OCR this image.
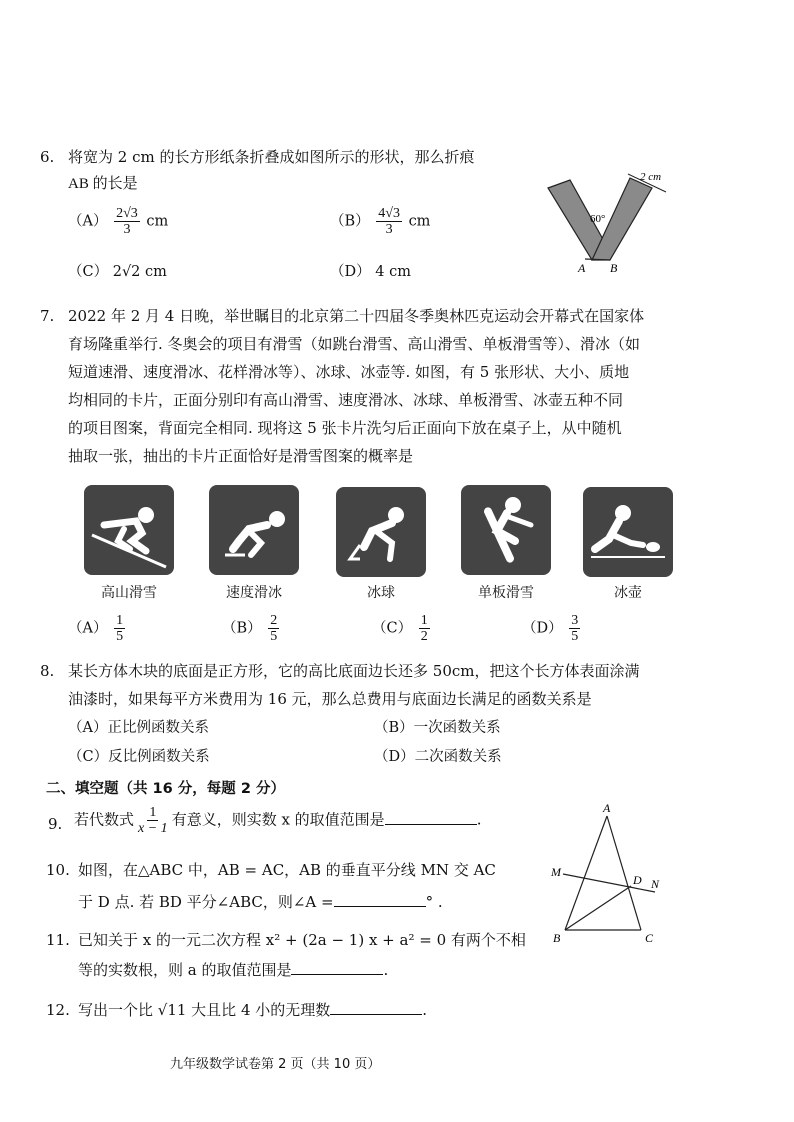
6. 将宽为 2 cm 的长方形纸条折叠成如图所示的形状，那么折痕
AB 的长是
$(A) \frac{2√3}{3}$ cm	$(B) \frac{4√3}{3}$ cm
（C） 2√2 cm	（D） 4 cm
2 cm
60°
A B
7. 2022 年 2 月 4 日晚，举世瞩目的北京第二十四届冬季奥林匹克运动会开幕式在国家体
育场隆重举行. 冬奥会的项目有滑雪（如跳台滑雪、高山滑雪、单板滑雪等）、滑冰（如
短道速滑、速度滑冰、花样滑冰等）、冰球、冰壶等. 如图，有 5 张形状、大小、质地
均相同的卡片，正面分别印有高山滑雪、速度滑冰、冰球、单板滑雪、冰壶五种不同
的项目图案，背面完全相同. 现将这 5 张卡片洗匀后正面向下放在桌子上，从中随机
抽取一张，抽出的卡片正面恰好是滑雪图案的概率是
高山滑雪	速度滑冰	冰球	单板滑雪	冰壶
$(A) \frac{1}{5}$	$(B) \frac{2}{5}$	$(C) \frac{1}{2}$	$(D) \frac{3}{5}$
8. 某长方体木块的底面是正方形，它的高比底面边长还多 50cm，把这个长方体表面涂满
油漆时，如果每平方米费用为 16 元，那么总费用与底面边长满足的函数关系是
（A）正比例函数关系	（B）一次函数关系
（C）反比例函数关系	（D）二次函数关系
二、填空题（共 16 分，每题 2 分）
9. 若代数式 $\frac{1}{x - 1}$ 有意义，则实数 x 的取值范围是	.
10. 如图，在△ABC 中，AB = AC，AB 的垂直平分线 MN 交 AC
于 D 点. 若 BD 平分∠ABC，则∠A =	° .
A
B	C
D
M
N
11. 已知关于 x 的一元二次方程 x² + (2a − 1) x + a² = 0 有两个不相
等的实数根，则 a 的取值范围是	.
12. 写出一个比 √11 大且比 4 小的无理数	.
九年级数学试卷第 2 页（共 10 页）
